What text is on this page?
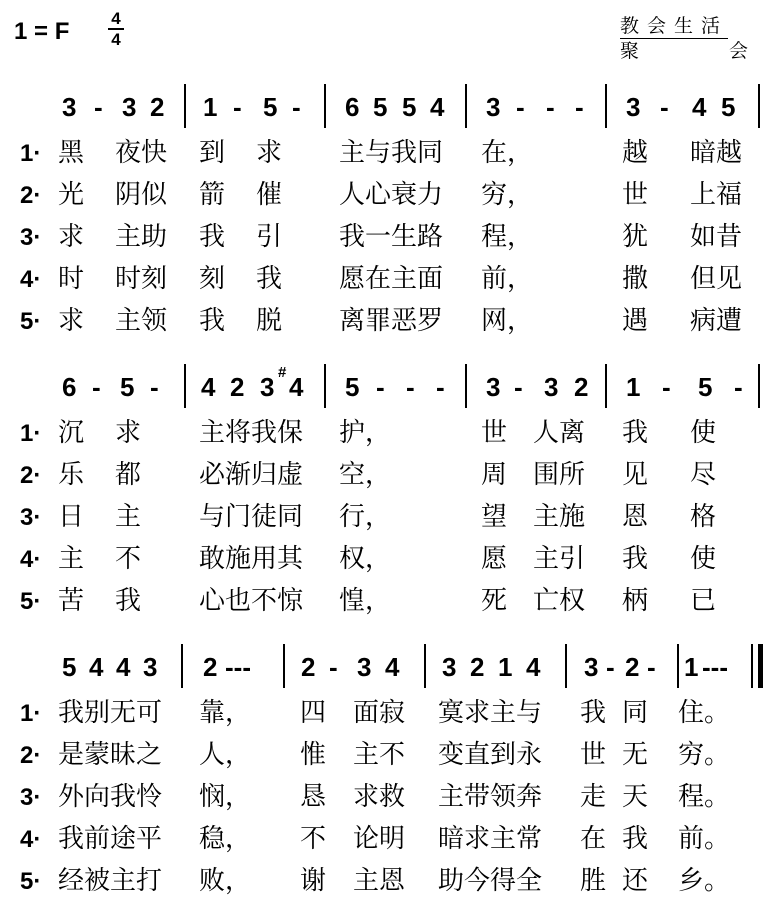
1 = F	4
4
教会生活
聚	会
3 - 3 2 1 - 5 - 6 5 5 4 3 - - - 3 - 4 5
1· 黑 夜快 到 求 主与我同 在，	越 暗越
2· 光 阴似 箭 催 人心衰力 穷，	世 上福
3· 求 主助 我 引 我一生路 程，	犹 如昔
4· 时 时刻 刻 我 愿在主面 前，	撒 但见
5· 求 主领 我 脱 离罪恶罗 网，	遇 病遭
6 - 5 - 4 2 3 # 4 5 - - - 3 - 3 2 1 - 5 -
1· 沉 求 主将我保 护，	世 人离 我 使
2· 乐 都 必渐归虚 空，	周 围所 见 尽
3· 日 主 与门徒同 行，	望 主施 恩 格
4· 主 不 敢施用其 权，	愿 主引 我 使
5· 苦 我 心也不惊 惶，	死 亡权 柄 已
5 4 4 3 2 --- 2 - 3 4 3 2 1 4 3 - 2 - 1 ---
1· 我别无可 靠， 四 面寂 寞求主与 我 同 住。
2· 是蒙昧之 人， 惟 主不 变直到永 世 无 穷。
3· 外向我怜 悯， 恳 求救 主带领奔 走 天 程。
4· 我前途平 稳， 不 论明 暗求主常 在 我 前。
5· 经被主打 败， 谢 主恩 助今得全 胜 还 乡。
